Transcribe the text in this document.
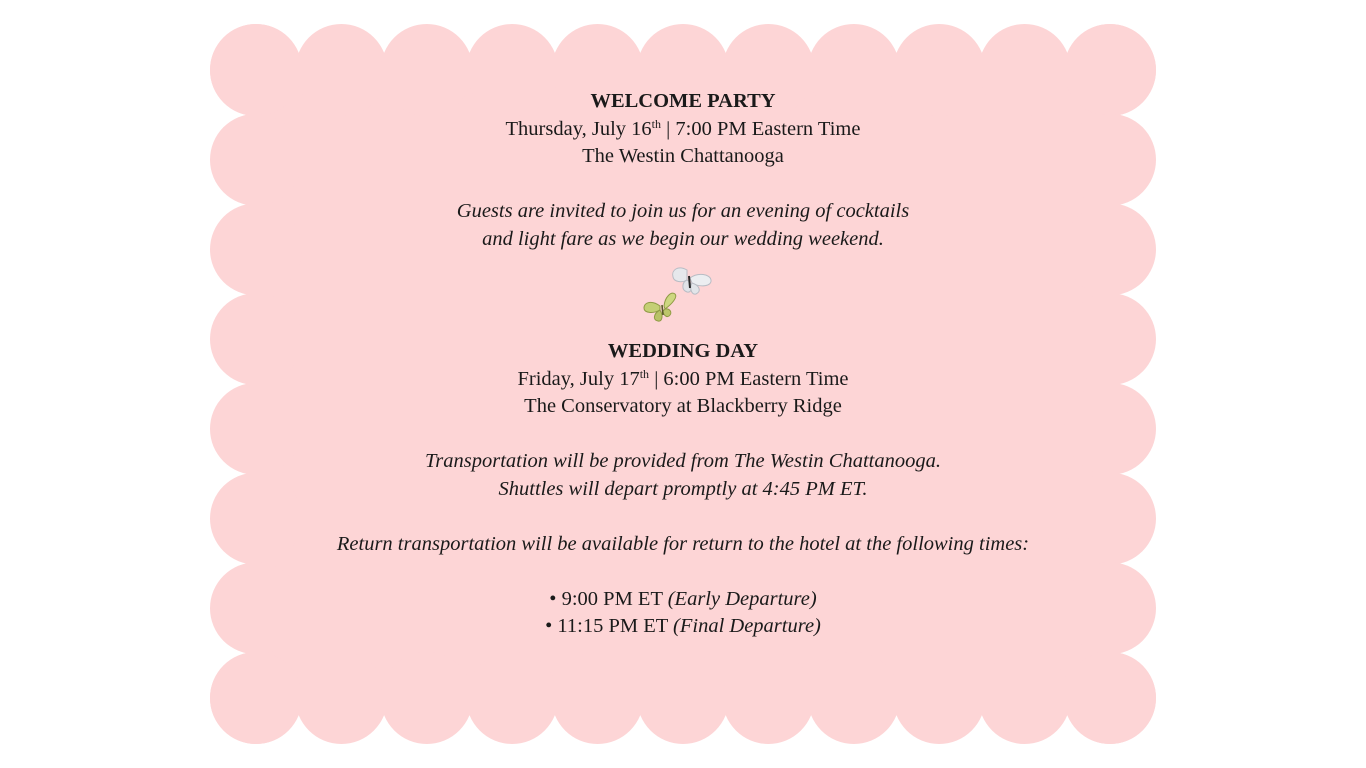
WELCOME PARTY
Thursday, July 16th | 7:00 PM Eastern Time
The Westin Chattanooga
Guests are invited to join us for an evening of cocktails
and light fare as we begin our wedding weekend.
WEDDING DAY
Friday, July 17th | 6:00 PM Eastern Time
The Conservatory at Blackberry Ridge
Transportation will be provided from The Westin Chattanooga.
Shuttles will depart promptly at 4:45 PM ET.
Return transportation will be available for return to the hotel at the following times:
• 9:00 PM ET (Early Departure)
• 11:15 PM ET (Final Departure)
